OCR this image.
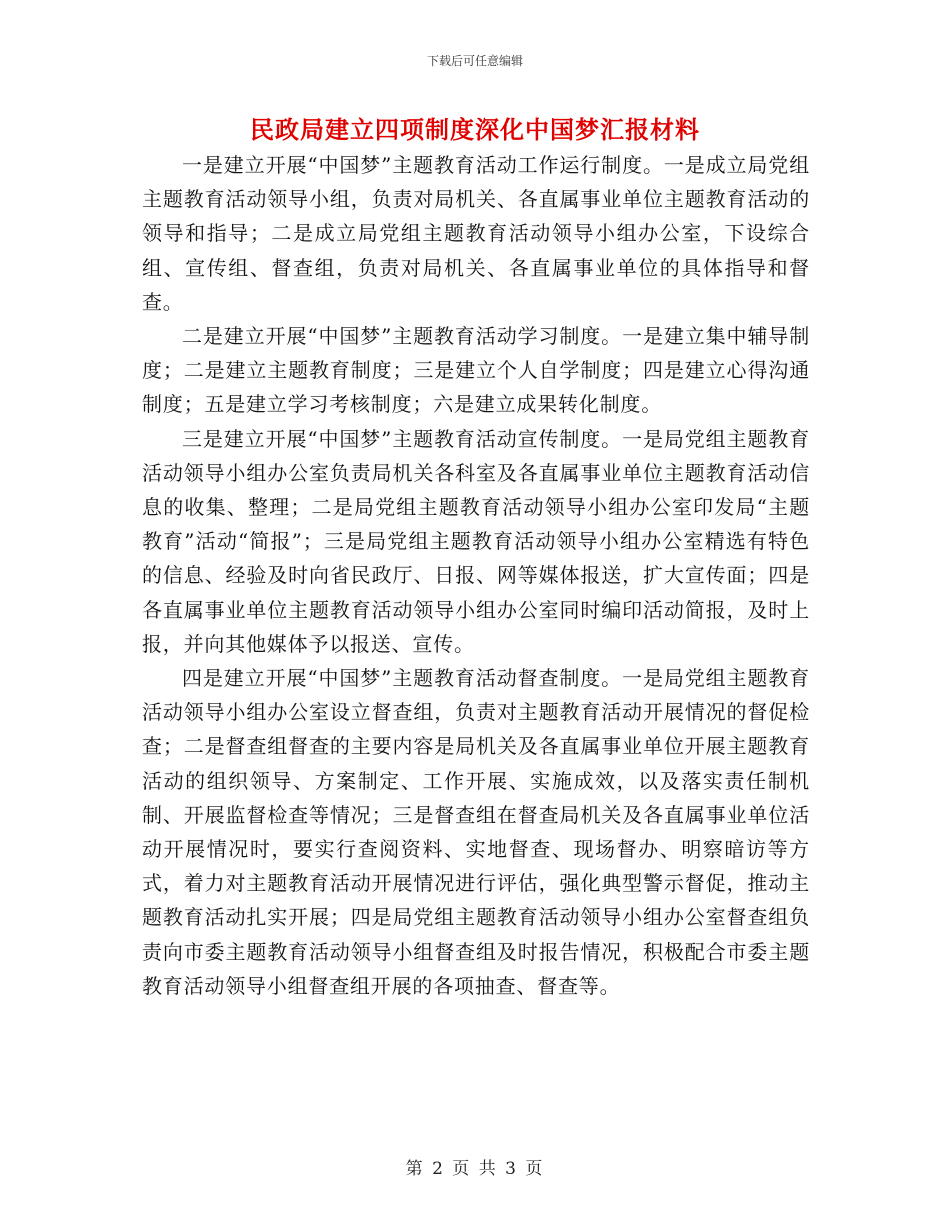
下载后可任意编辑
民政局建立四项制度深化中国梦汇报材料

一是建立开展“中国梦”主题教育活动工作运行制度。一是成立局党组主题教育活动领导小组，负责对局机关、各直属事业单位主题教育活动的领导和指导；二是成立局党组主题教育活动领导小组办公室，下设综合组、宣传组、督查组，负责对局机关、各直属事业单位的具体指导和督查。

二是建立开展“中国梦”主题教育活动学习制度。一是建立集中辅导制度；二是建立主题教育制度；三是建立个人自学制度；四是建立心得沟通制度；五是建立学习考核制度；六是建立成果转化制度。

三是建立开展“中国梦”主题教育活动宣传制度。一是局党组主题教育活动领导小组办公室负责局机关各科室及各直属事业单位主题教育活动信息的收集、整理；二是局党组主题教育活动领导小组办公室印发局“主题教育”活动“简报”；三是局党组主题教育活动领导小组办公室精选有特色的信息、经验及时向省民政厅、日报、网等媒体报送，扩大宣传面；四是各直属事业单位主题教育活动领导小组办公室同时编印活动简报，及时上报，并向其他媒体予以报送、宣传。

四是建立开展“中国梦”主题教育活动督查制度。一是局党组主题教育活动领导小组办公室设立督查组，负责对主题教育活动开展情况的督促检查；二是督查组督查的主要内容是局机关及各直属事业单位开展主题教育活动的组织领导、方案制定、工作开展、实施成效，以及落实责任制机制、开展监督检查等情况；三是督查组在督查局机关及各直属事业单位活动开展情况时，要实行查阅资料、实地督查、现场督办、明察暗访等方式，着力对主题教育活动开展情况进行评估，强化典型警示督促，推动主题教育活动扎实开展；四是局党组主题教育活动领导小组办公室督查组负责向市委主题教育活动领导小组督查组及时报告情况，积极配合市委主题教育活动领导小组督查组开展的各项抽查、督查等。

第 2 页 共 3 页
